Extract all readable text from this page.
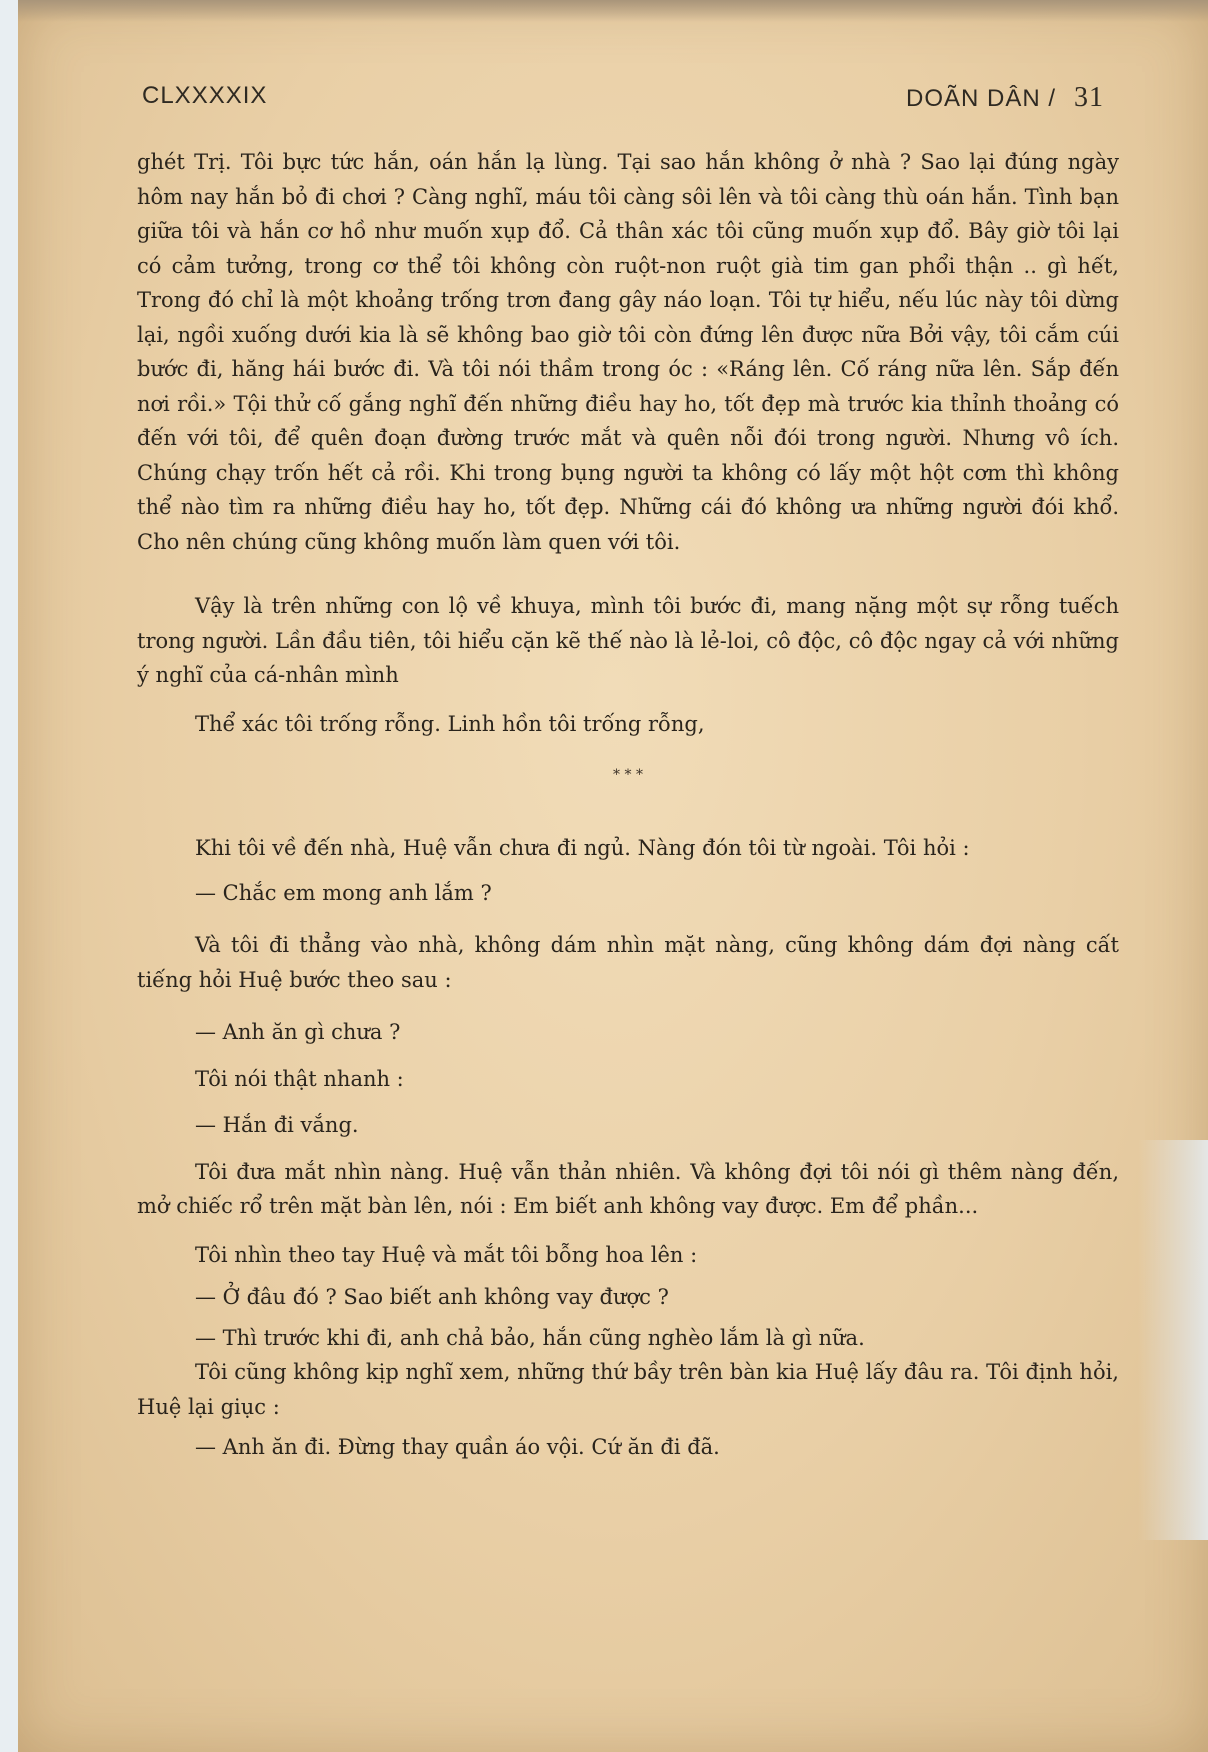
CLXXXXIX	DOÃN DÂN / 31

ghét Trị. Tôi bực tức hắn, oán hắn lạ lùng. Tại sao hắn không ở nhà ? Sao lại đúng ngày hôm nay hắn bỏ đi chơi ? Càng nghĩ, máu tôi càng sôi lên và tôi càng thù oán hắn. Tình bạn giữa tôi và hắn cơ hồ như muốn xụp đổ. Cả thân xác tôi cũng muốn xụp đổ. Bây giờ tôi lại có cảm tưởng, trong cơ thể tôi không còn ruột-non ruột già tim gan phổi thận .. gì hết, Trong đó chỉ là một khoảng trống trơn đang gây náo loạn. Tôi tự hiểu, nếu lúc này tôi dừng lại, ngồi xuống dưới kia là sẽ không bao giờ tôi còn đứng lên được nữa Bởi vậy, tôi cắm cúi bước đi, hăng hái bước đi. Và tôi nói thầm trong óc : «Ráng lên. Cố ráng nữa lên. Sắp đến nơi rồi.» Tội thử cố gắng nghĩ đến những điều hay ho, tốt đẹp mà trước kia thỉnh thoảng có đến với tôi, để quên đoạn đường trước mắt và quên nỗi đói trong người. Nhưng vô ích. Chúng chạy trốn hết cả rồi. Khi trong bụng người ta không có lấy một hột cơm thì không thể nào tìm ra những điều hay ho, tốt đẹp. Những cái đó không ưa những người đói khổ. Cho nên chúng cũng không muốn làm quen với tôi.

Vậy là trên những con lộ về khuya, mình tôi bước đi, mang nặng một sự rỗng tuếch trong người. Lần đầu tiên, tôi hiểu cặn kẽ thế nào là lẻ-loi, cô độc, cô độc ngay cả với những ý nghĩ của cá-nhân mình

Thể xác tôi trống rỗng. Linh hồn tôi trống rỗng,

* * *

Khi tôi về đến nhà, Huệ vẫn chưa đi ngủ. Nàng đón tôi từ ngoài. Tôi hỏi :

— Chắc em mong anh lắm ?

Và tôi đi thẳng vào nhà, không dám nhìn mặt nàng, cũng không dám đợi nàng cất tiếng hỏi Huệ bước theo sau :

— Anh ăn gì chưa ?

Tôi nói thật nhanh :

— Hắn đi vắng.

Tôi đưa mắt nhìn nàng. Huệ vẫn thản nhiên. Và không đợi tôi nói gì thêm nàng đến, mở chiếc rổ trên mặt bàn lên, nói : Em biết anh không vay được. Em để phần...

Tôi nhìn theo tay Huệ và mắt tôi bỗng hoa lên :

— Ở đâu đó ? Sao biết anh không vay được ?

— Thì trước khi đi, anh chả bảo, hắn cũng nghèo lắm là gì nữa.

Tôi cũng không kịp nghĩ xem, những thứ bầy trên bàn kia Huệ lấy đâu ra. Tôi định hỏi, Huệ lại giục :

— Anh ăn đi. Đừng thay quần áo vội. Cứ ăn đi đã.
